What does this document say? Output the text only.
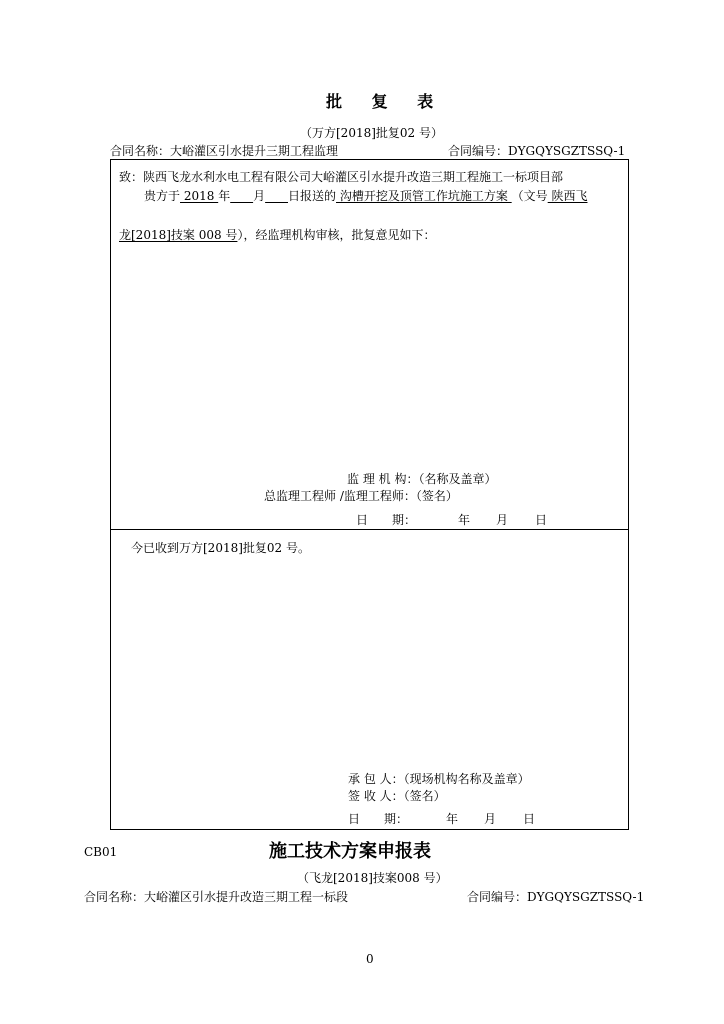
批 复 表
（万方[2018]批复02 号）
合同名称：大峪灌区引水提升三期工程监理	合同编号：DYGQYSGZTSSQ-1
致：陕西飞龙水利水电工程有限公司大峪灌区引水提升改造三期工程施工一标项目部
贵方于 2018 年 月 日报送的 沟槽开挖及顶管工作坑施工方案 （文号 陕西飞
龙[2018]技案 008 号），经监理机构审核，批复意见如下：
监 理 机 构：（名称及盖章）
总监理工程师 /监理工程师：（签名）
日　　期：	年 月 日
今已收到万方[2018]批复02 号。
承 包 人：（现场机构名称及盖章）
签 收 人：（签名）
日　　期：	年 月 日
CB01	施工技术方案申报表
（飞龙[2018]技案008 号）
合同名称：大峪灌区引水提升改造三期工程一标段	合同编号：DYGQYSGZTSSQ-1
0
